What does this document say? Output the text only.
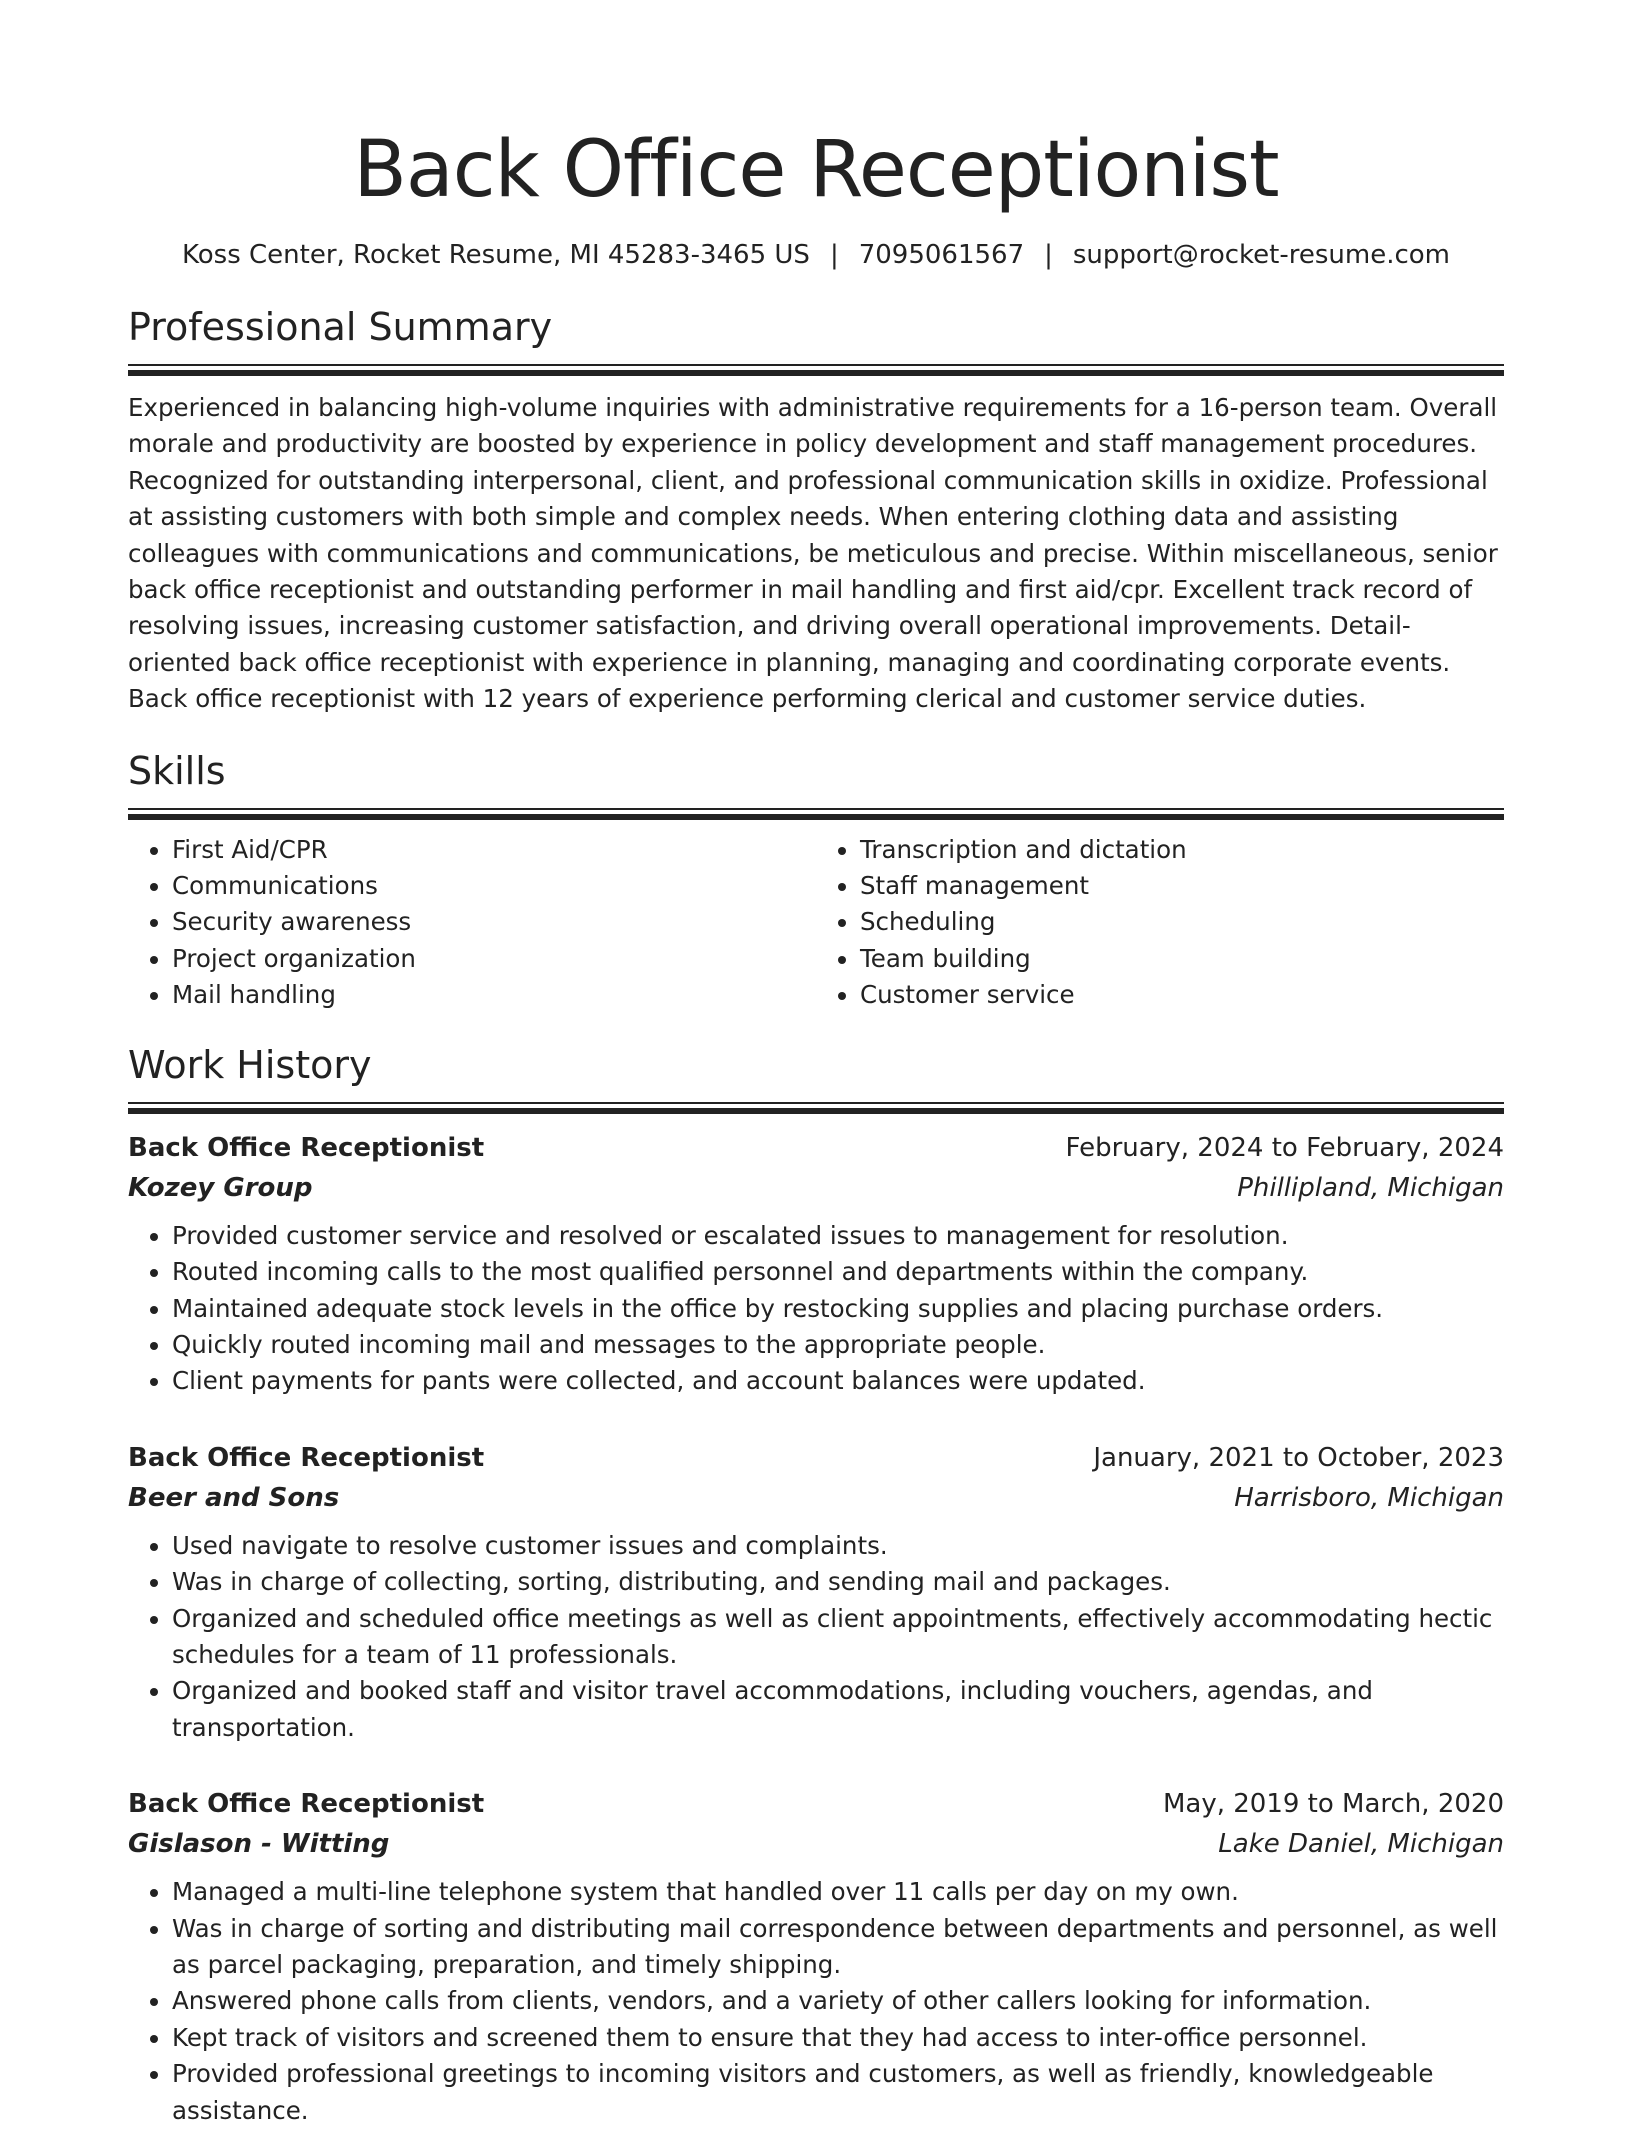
Back Office Receptionist
Koss Center, Rocket Resume, MI 45283-3465 US | 7095061567 | support@rocket-resume.com
Professional Summary

Experienced in balancing high-volume inquiries with administrative requirements for a 16-person team. Overall morale and productivity are boosted by experience in policy development and staff management procedures. Recognized for outstanding interpersonal, client, and professional communication skills in oxidize. Professional at assisting customers with both simple and complex needs. When entering clothing data and assisting colleagues with communications and communications, be meticulous and precise. Within miscellaneous, senior back office receptionist and outstanding performer in mail handling and first aid/cpr. Excellent track record of resolving issues, increasing customer satisfaction, and driving overall operational improvements. Detail-oriented back office receptionist with experience in planning, managing and coordinating corporate events. Back office receptionist with 12 years of experience performing clerical and customer service duties.

Skills
• First Aid/CPR
• Communications
• Security awareness
• Project organization
• Mail handling
• Transcription and dictation
• Staff management
• Scheduling
• Team building
• Customer service
Work History
Back Office Receptionist	February, 2024 to February, 2024
Kozey Group	Phillipland, Michigan
• Provided customer service and resolved or escalated issues to management for resolution.
• Routed incoming calls to the most qualified personnel and departments within the company.
• Maintained adequate stock levels in the office by restocking supplies and placing purchase orders.
• Quickly routed incoming mail and messages to the appropriate people.
• Client payments for pants were collected, and account balances were updated.
Back Office Receptionist	January, 2021 to October, 2023
Beer and Sons	Harrisboro, Michigan
• Used navigate to resolve customer issues and complaints.
• Was in charge of collecting, sorting, distributing, and sending mail and packages.
• Organized and scheduled office meetings as well as client appointments, effectively accommodating hectic schedules for a team of 11 professionals.
• Organized and booked staff and visitor travel accommodations, including vouchers, agendas, and transportation.
Back Office Receptionist	May, 2019 to March, 2020
Gislason - Witting	Lake Daniel, Michigan
• Managed a multi-line telephone system that handled over 11 calls per day on my own.
• Was in charge of sorting and distributing mail correspondence between departments and personnel, as well as parcel packaging, preparation, and timely shipping.
• Answered phone calls from clients, vendors, and a variety of other callers looking for information.
• Kept track of visitors and screened them to ensure that they had access to inter-office personnel.
• Provided professional greetings to incoming visitors and customers, as well as friendly, knowledgeable assistance.
